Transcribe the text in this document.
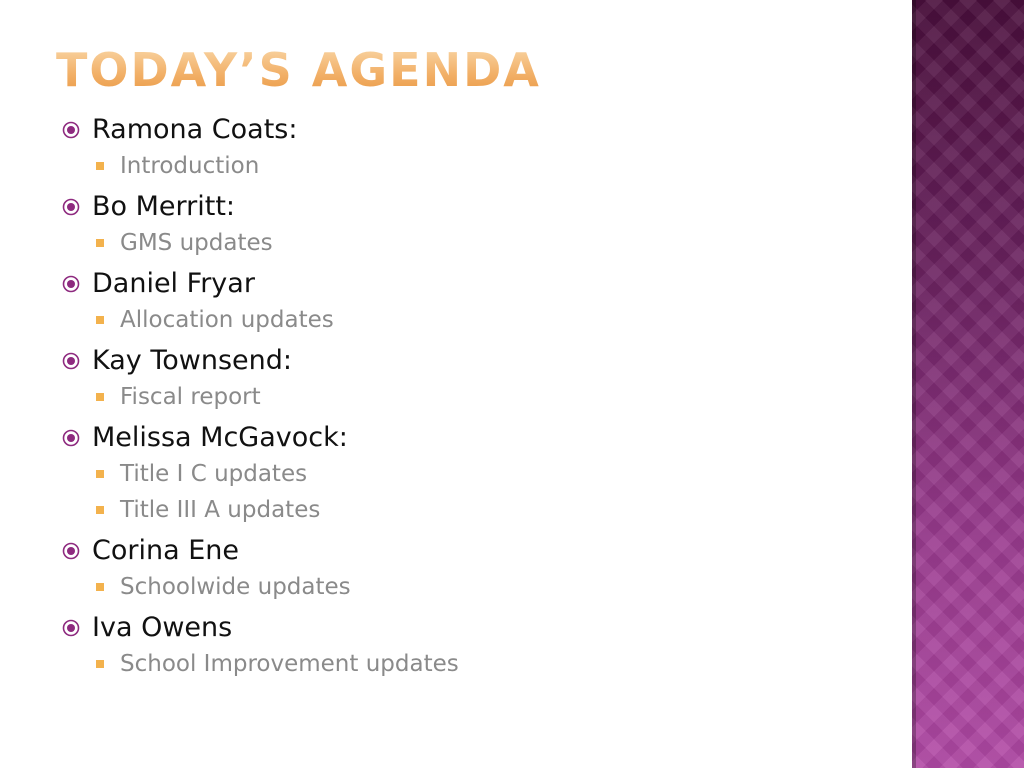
TODAY’S AGENDA
Ramona Coats:
Introduction
Bo Merritt:
GMS updates
Daniel Fryar
Allocation updates
Kay Townsend:
Fiscal report
Melissa McGavock:
Title I C updates
Title III A updates
Corina Ene
Schoolwide updates
Iva Owens
School Improvement updates
